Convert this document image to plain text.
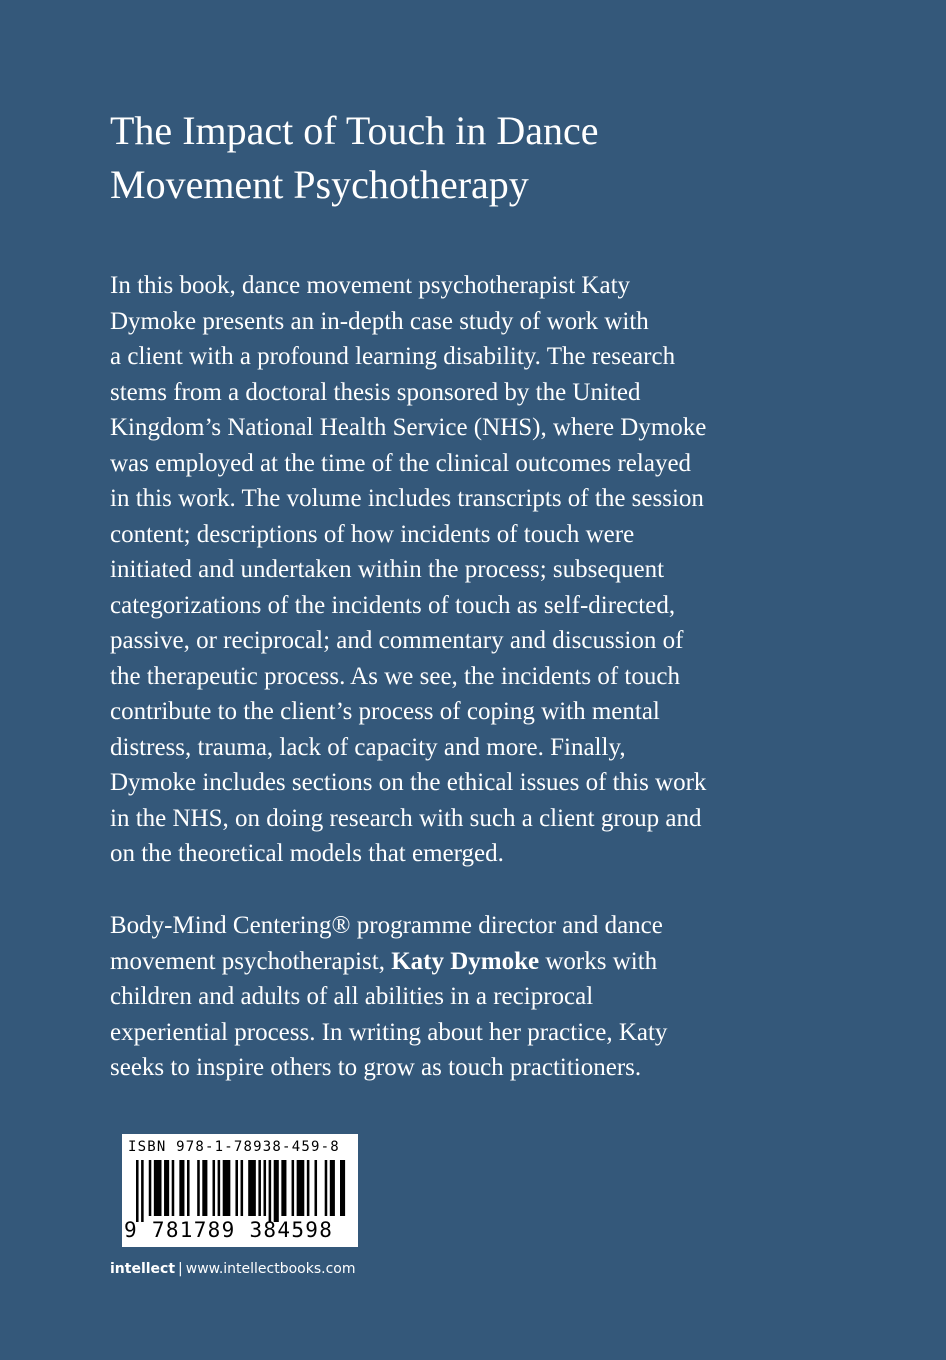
The Impact of Touch in Dance
Movement Psychotherapy
In this book, dance movement psychotherapist Katy
Dymoke presents an in-depth case study of work with
a client with a profound learning disability. The research
stems from a doctoral thesis sponsored by the United
Kingdom’s National Health Service (NHS), where Dymoke
was employed at the time of the clinical outcomes relayed
in this work. The volume includes transcripts of the session
content; descriptions of how incidents of touch were
initiated and undertaken within the process; subsequent
categorizations of the incidents of touch as self-directed,
passive, or reciprocal; and commentary and discussion of
the therapeutic process. As we see, the incidents of touch
contribute to the client’s process of coping with mental
distress, trauma, lack of capacity and more. Finally,
Dymoke includes sections on the ethical issues of this work
in the NHS, on doing research with such a client group and
on the theoretical models that emerged.
Body-Mind Centering® programme director and dance
movement psychotherapist, Katy Dymoke works with
children and adults of all abilities in a reciprocal
experiential process. In writing about her practice, Katy
seeks to inspire others to grow as touch practitioners.
ISBN 978-1-78938-459-8
9 781789 384598
intellect | www.intellectbooks.com
